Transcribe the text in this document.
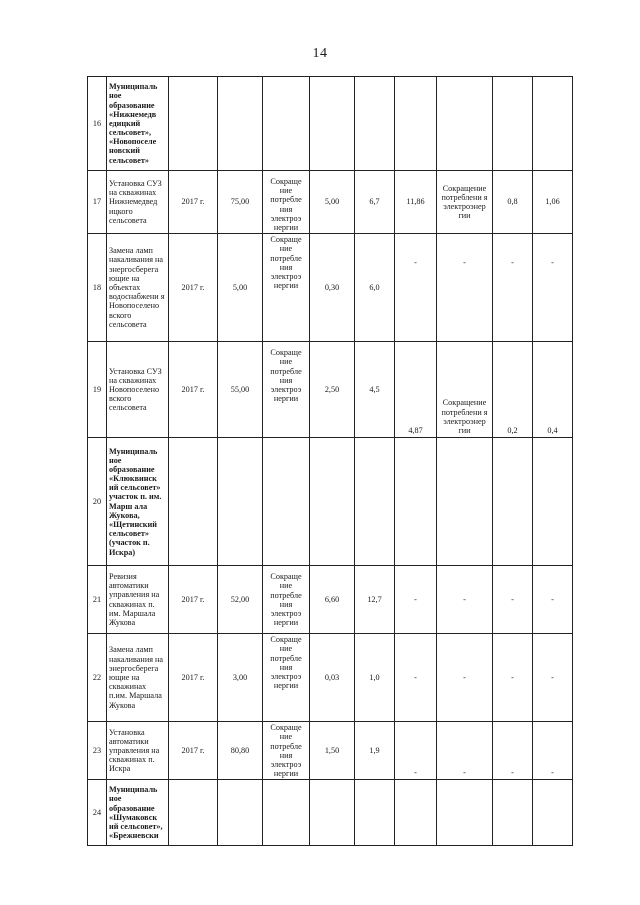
14
16	Муниципаль ное образование «Нижнемедв едицкий сельсовет», «Новопоселе новский сельсовет»									
17	Установка СУЗ на скважинах Нижнемедвед ицкого сельсовета	2017 г.	75,00	Сокраще ние потребле ния электроэ нергии	5,00	6,7	11,86	Сокращение потреблени я электроэнер гии	0,8	1,06
18	Замена ламп накаливания на энергосберега ющие на объектах водоснабжени я Новопоселено вского сельсовета	2017 г.	5,00	Сокраще ние потребле ния электроэ нергии	0,30	6,0	-	-	-	-
19	Установка СУЗ на скважинах Новопоселено вского сельсовета	2017 г.	55,00	Сокраще ние потребле ния электроэ нергии	2,50	4,5	4,87	Сокращение потреблени я электроэнер гии	0,2	0,4
20	Муниципаль ное образование «Клюквинск ий сельсовет» участок п. им. Марш ала Жукова, «Щетинский сельсовет» (участок п. Искра)									
21	Ревизия автоматики управления на скважинах п. им. Маршала Жукова	2017 г.	52,00	Сокраще ние потребле ния электроэ нергии	6,60	12,7	-	-	-	-
22	Замена ламп накаливания на энергосберега ющие на скважинах п.им. Маршала Жукова	2017 г.	3,00	Сокраще ние потребле ния электроэ нергии	0,03	1,0	-	-	-	-
23	Установка автоматики управления на скважинах п. Искра	2017 г.	80,80	Сокраще ние потребле ния электроэ нергии	1,50	1,9	-	-	-	-
24	Муниципаль ное образование «Шумаковск ий сельсовет», «Брежневски									
